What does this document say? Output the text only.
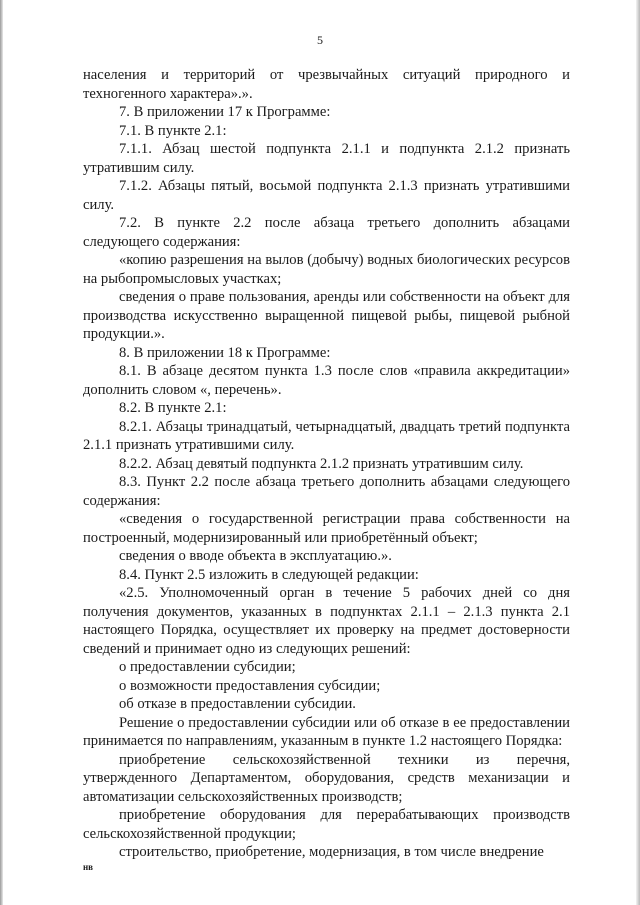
5

населения и территорий от чрезвычайных ситуаций природного и техногенного характера».».

7. В приложении 17 к Программе:

7.1. В пункте 2.1:

7.1.1. Абзац шестой подпункта 2.1.1 и подпункта 2.1.2 признать утратившим силу.

7.1.2. Абзацы пятый, восьмой подпункта 2.1.3 признать утратившими силу.

7.2. В пункте 2.2 после абзаца третьего дополнить абзацами следующего содержания:

«копию разрешения на вылов (добычу) водных биологических ресурсов на рыбопромысловых участках;

сведения о праве пользования, аренды или собственности на объект для производства искусственно выращенной пищевой рыбы, пищевой рыбной продукции.».

8. В приложении 18 к Программе:

8.1. В абзаце десятом пункта 1.3 после слов «правила аккредитации» дополнить словом «, перечень».

8.2. В пункте 2.1:

8.2.1. Абзацы тринадцатый, четырнадцатый, двадцать третий подпункта 2.1.1 признать утратившими силу.

8.2.2. Абзац девятый подпункта 2.1.2 признать утратившим силу.

8.3. Пункт 2.2 после абзаца третьего дополнить абзацами следующего содержания:

«сведения о государственной регистрации права собственности на построенный, модернизированный или приобретённый объект;

сведения о вводе объекта в эксплуатацию.».

8.4. Пункт 2.5 изложить в следующей редакции:

«2.5. Уполномоченный орган в течение 5 рабочих дней со дня получения документов, указанных в подпунктах 2.1.1 – 2.1.3 пункта 2.1 настоящего Порядка, осуществляет их проверку на предмет достоверности сведений и принимает одно из следующих решений:

о предоставлении субсидии;

о возможности предоставления субсидии;

об отказе в предоставлении субсидии.

Решение о предоставлении субсидии или об отказе в ее предоставлении принимается по направлениям, указанным в пункте 1.2 настоящего Порядка:

приобретение сельскохозяйственной техники из перечня, утвержденного Департаментом, оборудования, средств механизации и автоматизации сельскохозяйственных производств;

приобретение оборудования для перерабатывающих производств сельскохозяйственной продукции;

строительство, приобретение, модернизация, в том числе внедрение

нв
